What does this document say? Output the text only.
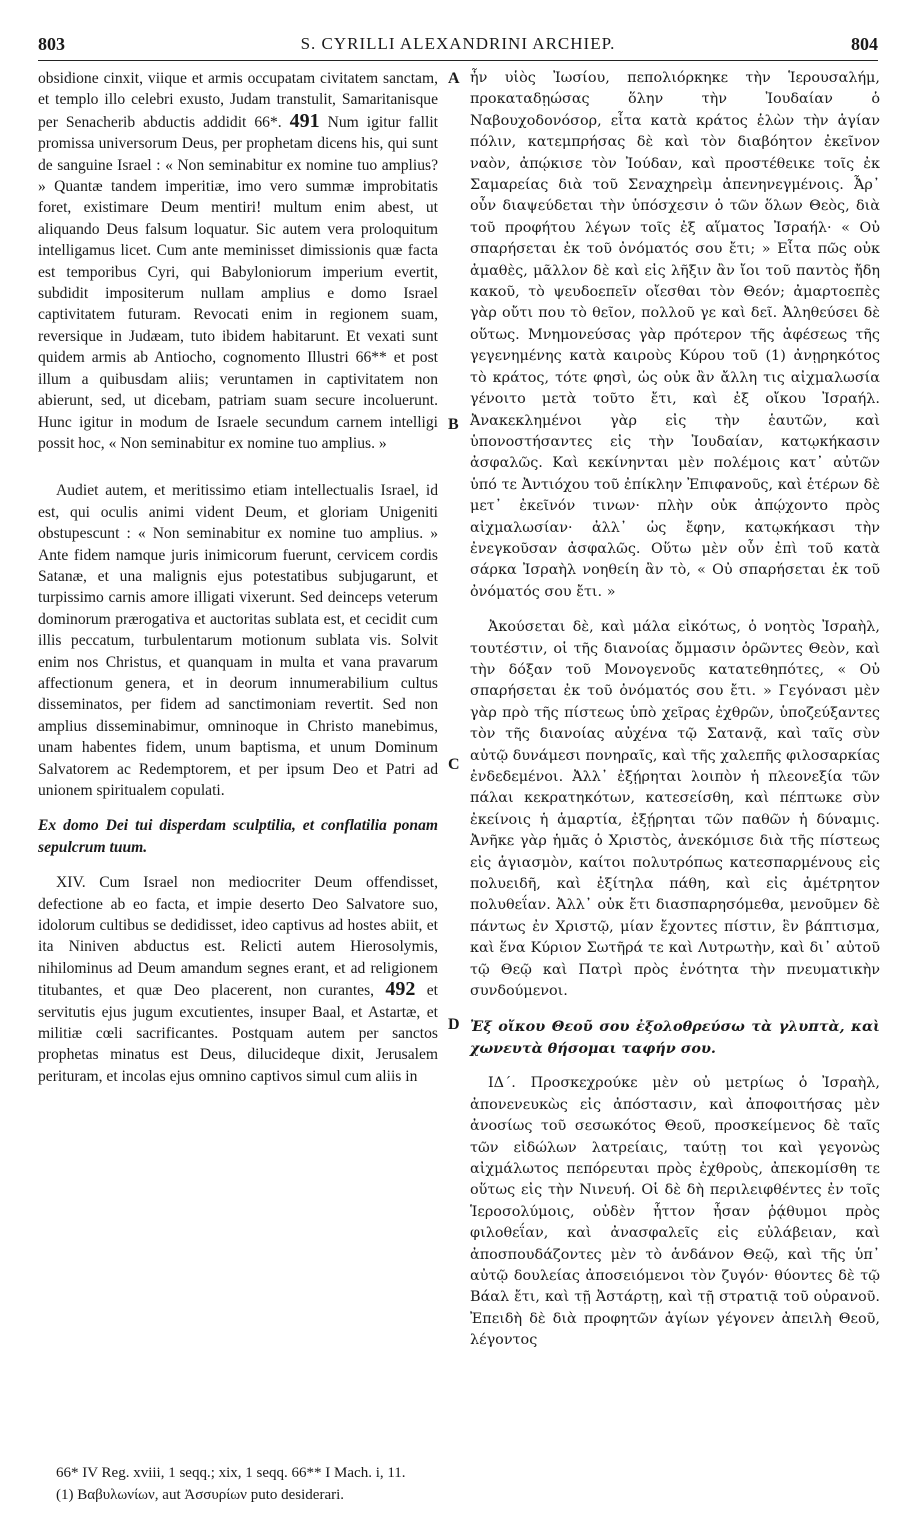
803	S. CYRILLI ALEXANDRINI ARCHIEP.	804

obsidione cinxit, viique et armis occupatam civitatem sanctam, et templo illo celebri exusto, Judam transtulit, Samaritanisque per Senacherib abductis addidit 66*. 491 Num igitur fallit promissa universorum Deus, per prophetam dicens his, qui sunt de sanguine Israel : « Non seminabitur ex nomine tuo amplius? » Quantæ tandem imperitiæ, imo vero summæ improbitatis foret, existimare Deum mentiri! multum enim abest, ut aliquando Deus falsum loquatur. Sic autem vera proloquitum intelligamus licet. Cum ante meminisset dimissionis quæ facta est temporibus Cyri, qui Babyloniorum imperium evertit, subdidit impositerum nullam amplius e domo Israel captivitatem futuram. Revocati enim in regionem suam, reversique in Judæam, tuto ibidem habitarunt. Et vexati sunt quidem armis ab Antiocho, cognomento Illustri 66** et post illum a quibusdam aliis; veruntamen in captivitatem non abierunt, sed, ut dicebam, patriam suam secure incoluerunt. Hunc igitur in modum de Israele secundum carnem intelligi possit hoc, « Non seminabitur ex nomine tuo amplius. »

Audiet autem, et meritissimo etiam intellectualis Israel, id est, qui oculis animi vident Deum, et gloriam Unigeniti obstupescunt : « Non seminabitur ex nomine tuo amplius. » Ante fidem namque juris inimicorum fuerunt, cervicem cordis Satanæ, et una malignis ejus potestatibus subjugarunt, et turpissimo carnis amore illigati vixerunt. Sed deinceps veterum dominorum prærogativa et auctoritas sublata est, et cecidit cum illis peccatum, turbulentarum motionum sublata vis. Solvit enim nos Christus, et quanquam in multa et vana pravarum affectionum genera, et in deorum innumerabilium cultus disseminatos, per fidem ad sanctimoniam revertit. Sed non amplius disseminabimur, omninoque in Christo manebimus, unam habentes fidem, unum baptisma, et unum Dominum Salvatorem ac Redemptorem, et per ipsum Deo et Patri ad unionem spiritualem copulati.

Ex domo Dei tui disperdam sculptilia, et conflatilia ponam sepulcrum tuum.

XIV. Cum Israel non mediocriter Deum offendisset, defectione ab eo facta, et impie deserto Deo Salvatore suo, idolorum cultibus se dedidisset, ideo captivus ad hostes abiit, et ita Niniven abductus est. Relicti autem Hierosolymis, nihilominus ad Deum amandum segnes erant, et ad religionem titubantes, et quæ Deo placerent, non curantes, 492 et servitutis ejus jugum excutientes, insuper Baal, et Astartæ, et militiæ cœli sacrificantes. Postquam autem per sanctos prophetas minatus est Deus, dilucideque dixit, Jerusalem perituram, et incolas ejus omnino captivos simul cum aliis in

A
B
C
D

ἦν υἱὸς Ἰωσίου, πεπολιόρκηκε τὴν Ἱερουσαλήμ, προκαταδῃώσας ὅλην τὴν Ἰουδαίαν ὁ Ναβουχοδονόσορ, εἶτα κατὰ κράτος ἑλὼν τὴν ἁγίαν πόλιν, κατεμπρήσας δὲ καὶ τὸν διαβόητον ἐκεῖνον ναὸν, ἀπῴκισε τὸν Ἰούδαν, καὶ προστέθεικε τοῖς ἐκ Σαμαρείας διὰ τοῦ Σεναχηρεὶμ ἀπενηνεγμένοις. Ἆρ᾽ οὖν διαψεύδεται τὴν ὑπόσχεσιν ὁ τῶν ὅλων Θεὸς, διὰ τοῦ προφήτου λέγων τοῖς ἐξ αἵματος Ἰσραήλ· « Οὐ σπαρήσεται ἐκ τοῦ ὀνόματός σου ἔτι; » Εἶτα πῶς οὐκ ἀμαθὲς, μᾶλλον δὲ καὶ εἰς λῆξιν ἂν ἴοι τοῦ παντὸς ἤδη κακοῦ, τὸ ψευδοεπεῖν οἴεσθαι τὸν Θεόν; ἀμαρτοεπὲς γὰρ οὔτι που τὸ θεῖον, πολλοῦ γε καὶ δεῖ. Ἀληθεύσει δὲ οὕτως. Μνημονεύσας γὰρ πρότερον τῆς ἀφέσεως τῆς γεγενημένης κατὰ καιροὺς Κύρου τοῦ (1) ἀνῃρηκότος τὸ κράτος, τότε φησὶ, ὡς οὐκ ἂν ἄλλη τις αἰχμαλωσία γένοιτο μετὰ τοῦτο ἔτι, καὶ ἐξ οἴκου Ἰσραήλ. Ἀνακεκλημένοι γὰρ εἰς τὴν ἑαυτῶν, καὶ ὑπονοστήσαντες εἰς τὴν Ἰουδαίαν, κατῳκήκασιν ἀσφαλῶς. Καὶ κεκίνηνται μὲν πολέμοις κατ᾽ αὐτῶν ὑπό τε Ἀντιόχου τοῦ ἐπίκλην Ἐπιφανοῦς, καὶ ἑτέρων δὲ μετ᾽ ἐκεῖνόν τινων· πλὴν οὐκ ἀπῴχοντο πρὸς αἰχμαλωσίαν· ἀλλ᾽ ὡς ἔφην, κατῳκήκασι τὴν ἐνεγκοῦσαν ἀσφαλῶς. Οὕτω μὲν οὖν ἐπὶ τοῦ κατὰ σάρκα Ἰσραὴλ νοηθείη ἂν τὸ, « Οὐ σπαρήσεται ἐκ τοῦ ὀνόματός σου ἔτι. »

Ἀκούσεται δὲ, καὶ μάλα εἰκότως, ὁ νοητὸς Ἰσραὴλ, τουτέστιν, οἱ τῆς διανοίας ὄμμασιν ὁρῶντες Θεὸν, καὶ τὴν δόξαν τοῦ Μονογενοῦς κατατεθηπότες, « Οὐ σπαρήσεται ἐκ τοῦ ὀνόματός σου ἔτι. » Γεγόνασι μὲν γὰρ πρὸ τῆς πίστεως ὑπὸ χεῖρας ἐχθρῶν, ὑποζεύξαντες τὸν τῆς διανοίας αὐχένα τῷ Σατανᾷ, καὶ ταῖς σὺν αὐτῷ δυνάμεσι πονηραῖς, καὶ τῆς χαλεπῆς φιλοσαρκίας ἐνδεδεμένοι. Ἀλλ᾽ ἐξῄρηται λοιπὸν ἡ πλεονεξία τῶν πάλαι κεκρατηκότων, κατεσείσθη, καὶ πέπτωκε σὺν ἐκείνοις ἡ ἁμαρτία, ἐξῄρηται τῶν παθῶν ἡ δύναμις. Ἀνῆκε γὰρ ἡμᾶς ὁ Χριστὸς, ἀνεκόμισε διὰ τῆς πίστεως εἰς ἁγιασμὸν, καίτοι πολυτρόπως κατεσπαρμένους εἰς πολυειδῆ, καὶ ἐξίτηλα πάθη, καὶ εἰς ἀμέτρητον πολυθεΐαν. Ἀλλ᾽ οὐκ ἔτι διασπαρησόμεθα, μενοῦμεν δὲ πάντως ἐν Χριστῷ, μίαν ἔχοντες πίστιν, ἓν βάπτισμα, καὶ ἕνα Κύριον Σωτῆρά τε καὶ Λυτρωτὴν, καὶ δι᾽ αὐτοῦ τῷ Θεῷ καὶ Πατρὶ πρὸς ἑνότητα τὴν πνευματικὴν συνδούμενοι.

Ἐξ οἴκου Θεοῦ σου ἐξολοθρεύσω τὰ γλυπτὰ, καὶ χωνευτὰ θήσομαι ταφήν σου.

ΙΔ΄. Προσκεχρούκε μὲν οὐ μετρίως ὁ Ἰσραὴλ, ἀπονενευκὼς εἰς ἀπόστασιν, καὶ ἀποφοιτήσας μὲν ἀνοσίως τοῦ σεσωκότος Θεοῦ, προσκείμενος δὲ ταῖς τῶν εἰδώλων λατρείαις, ταύτῃ τοι καὶ γεγονὼς αἰχμάλωτος πεπόρευται πρὸς ἐχθροὺς, ἀπεκομίσθη τε οὕτως εἰς τὴν Νινευή. Οἱ δὲ δὴ περιλειφθέντες ἐν τοῖς Ἱεροσολύμοις, οὐδὲν ἧττον ἦσαν ῥᾴθυμοι πρὸς φιλοθεΐαν, καὶ ἀνασφαλεῖς εἰς εὐλάβειαν, καὶ ἀποσπουδάζοντες μὲν τὸ ἁνδάνον Θεῷ, καὶ τῆς ὑπ᾽ αὐτῷ δουλείας ἀποσειόμενοι τὸν ζυγόν· θύοντες δὲ τῷ Βάαλ ἔτι, καὶ τῇ Ἀστάρτῃ, καὶ τῇ στρατιᾷ τοῦ οὐρανοῦ. Ἐπειδὴ δὲ διὰ προφητῶν ἁγίων γέγονεν ἀπειλὴ Θεοῦ, λέγοντος

66* IV Reg. xviii, 1 seqq.; xix, 1 seqq. 66** I Mach. i, 11.
(1) Βαβυλωνίων, aut Ἀσσυρίων puto desiderari.
